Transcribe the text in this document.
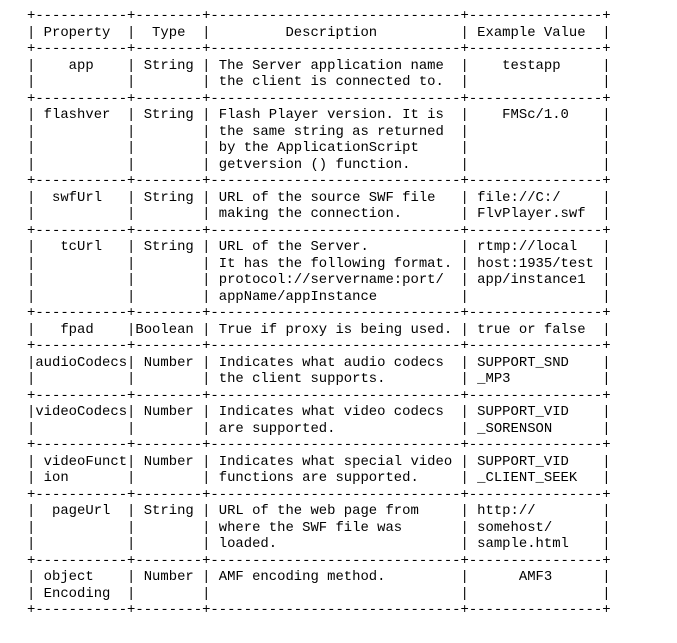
+-----------+--------+------------------------------+----------------+
| Property  |  Type  |         Description          | Example Value  |
+-----------+--------+------------------------------+----------------+
|    app    | String | The Server application name  |    testapp     |
|	|	| the client is connected to.  |	|
+-----------+--------+------------------------------+----------------+
| flashver  | String | Flash Player version. It is  |    FMSc/1.0    |
|	|	| the same string as returned  |	|
|	|	| by the ApplicationScript     |	|
|	|	| getversion () function.      |	|
+-----------+--------+------------------------------+----------------+
|  swfUrl   | String | URL of the source SWF file   | file://C:/     |
|	|	| making the connection.       | FlvPlayer.swf  |
+-----------+--------+------------------------------+----------------+
|   tcUrl   | String | URL of the Server.           | rtmp://local   |
|	|	| It has the following format. | host:1935/test |
|	|	| protocol://servername:port/  | app/instance1  |
|	|	| appName/appInstance          |	|
+-----------+--------+------------------------------+----------------+
|   fpad    |Boolean | True if proxy is being used. | true or false  |
+-----------+--------+------------------------------+----------------+
|audioCodecs| Number | Indicates what audio codecs  | SUPPORT_SND    |
|	|	| the client supports.         | _MP3           |
+-----------+--------+------------------------------+----------------+
|videoCodecs| Number | Indicates what video codecs  | SUPPORT_VID    |
|	|	| are supported.               | _SORENSON      |
+-----------+--------+------------------------------+----------------+
| videoFunct| Number | Indicates what special video | SUPPORT_VID    |
| ion       |	| functions are supported.     | _CLIENT_SEEK   |
+-----------+--------+------------------------------+----------------+
|  pageUrl  | String | URL of the web page from     | http://        |
|	|	| where the SWF file was       | somehost/      |
|	|	| loaded.                      | sample.html    |
+-----------+--------+------------------------------+----------------+
| object    | Number | AMF encoding method.         |      AMF3      |
| Encoding  |	|	|	|
+-----------+--------+------------------------------+----------------+
